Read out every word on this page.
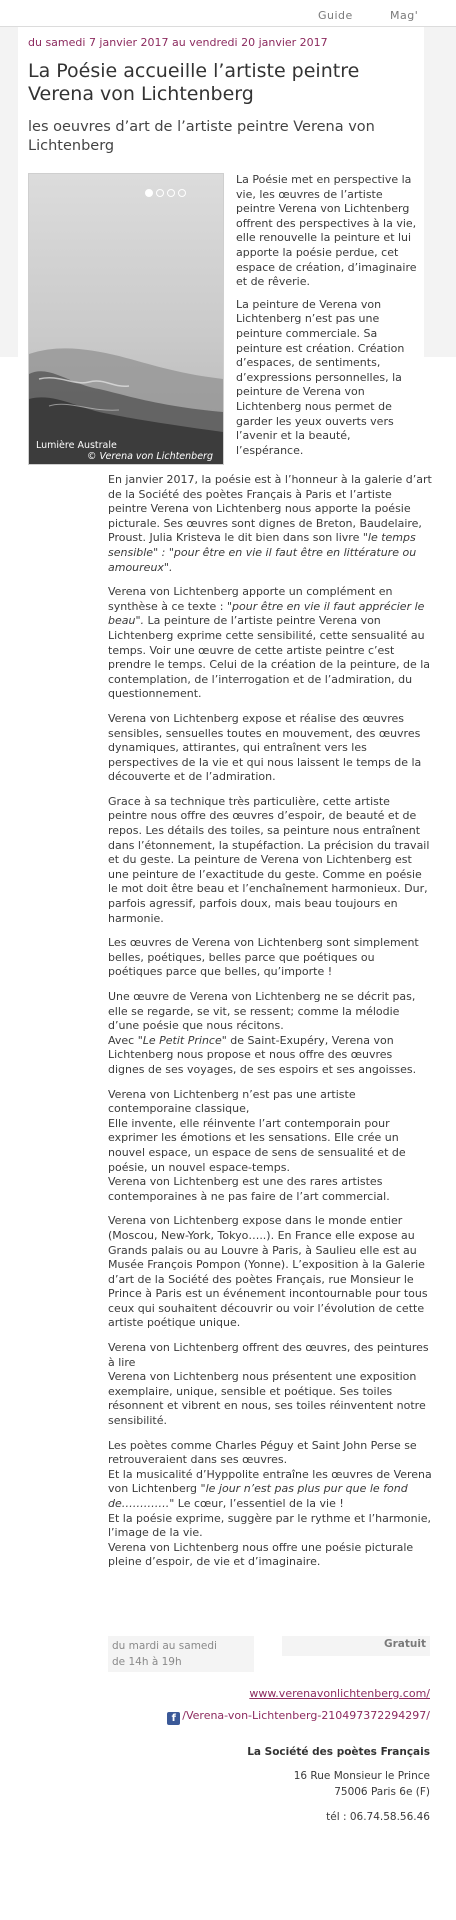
Guide	Mag'
du samedi 7 janvier 2017 au vendredi 20 janvier 2017
La Poésie accueille l’artiste peintre Verena von Lichtenberg
les oeuvres d’art de l’artiste peintre Verena von Lichtenberg
Lumière Australe
© Verena von Lichtenberg

La Poésie met en perspective la vie, les œuvres de l’artiste peintre Verena von Lichtenberg offrent des perspectives à la vie, elle renouvelle la peinture et lui apporte la poésie perdue, cet espace de création, d’imaginaire et de rêverie.

La peinture de Verena von Lichtenberg n’est pas une peinture commerciale. Sa peinture est création. Création d’espaces, de sentiments, d’expressions personnelles, la peinture de Verena von Lichtenberg nous permet de garder les yeux ouverts vers l’avenir et la beauté, l’espérance.

En janvier 2017, la poésie est à l’honneur à la galerie d’art de la Société des poètes Français à Paris et l’artiste peintre Verena von Lichtenberg nous apporte la poésie picturale. Ses œuvres sont dignes de Breton, Baudelaire, Proust. Julia Kristeva le dit bien dans son livre "le temps sensible" : "pour être en vie il faut être en littérature ou amoureux".

Verena von Lichtenberg apporte un complément en synthèse à ce texte : "pour être en vie il faut apprécier le beau". La peinture de l’artiste peintre Verena von Lichtenberg exprime cette sensibilité, cette sensualité au temps. Voir une œuvre de cette artiste peintre c’est prendre le temps. Celui de la création de la peinture, de la contemplation, de l’interrogation et de l’admiration, du questionnement.

Verena von Lichtenberg expose et réalise des œuvres sensibles, sensuelles toutes en mouvement, des œuvres dynamiques, attirantes, qui entraînent vers les perspectives de la vie et qui nous laissent le temps de la découverte et de l’admiration.

Grace à sa technique très particulière, cette artiste peintre nous offre des œuvres d’espoir, de beauté et de repos. Les détails des toiles, sa peinture nous entraînent dans l’étonnement, la stupéfaction. La précision du travail et du geste. La peinture de Verena von Lichtenberg est une peinture de l’exactitude du geste. Comme en poésie le mot doit être beau et l’enchaînement harmonieux. Dur, parfois agressif, parfois doux, mais beau toujours en harmonie.

Les œuvres de Verena von Lichtenberg sont simplement belles, poétiques, belles parce que poétiques ou poétiques parce que belles, qu’importe !

Une œuvre de Verena von Lichtenberg ne se décrit pas, elle se regarde, se vit, se ressent; comme la mélodie d’une poésie que nous récitons.
Avec "Le Petit Prince" de Saint-Exupéry, Verena von Lichtenberg nous propose et nous offre des œuvres dignes de ses voyages, de ses espoirs et ses angoisses.

Verena von Lichtenberg n’est pas une artiste contemporaine classique,
Elle invente, elle réinvente l’art contemporain pour exprimer les émotions et les sensations. Elle crée un nouvel espace, un espace de sens de sensualité et de poésie, un nouvel espace-temps.
Verena von Lichtenberg est une des rares artistes contemporaines à ne pas faire de l’art commercial.

Verena von Lichtenberg expose dans le monde entier (Moscou, New-York, Tokyo…..). En France elle expose au Grands palais ou au Louvre à Paris, à Saulieu elle est au Musée François Pompon (Yonne). L’exposition à la Galerie d’art de la Société des poètes Français, rue Monsieur le Prince à Paris est un événement incontournable pour tous ceux qui souhaitent découvrir ou voir l’évolution de cette artiste poétique unique.

Verena von Lichtenberg offrent des œuvres, des peintures à lire
Verena von Lichtenberg nous présentent une exposition exemplaire, unique, sensible et poétique. Ses toiles résonnent et vibrent en nous, ses toiles réinventent notre sensibilité.

Les poètes comme Charles Péguy et Saint John Perse se retrouveraient dans ses œuvres.
Et la musicalité d’Hyppolite entraîne les œuvres de Verena von Lichtenberg "le jour n’est pas plus pur que le fond de…………." Le cœur, l’essentiel de la vie !
Et la poésie exprime, suggère par le rythme et l’harmonie, l’image de la vie.
Verena von Lichtenberg nous offre une poésie picturale pleine d’espoir, de vie et d’imaginaire.

du mardi au samedi
de 14h à 19h
Gratuit
www.verenavonlichtenberg.com/
f /Verena-von-Lichtenberg-210497372294297/
La Société des poètes Français
16 Rue Monsieur le Prince
75006 Paris 6e (F)
tél : 06.74.58.56.46
